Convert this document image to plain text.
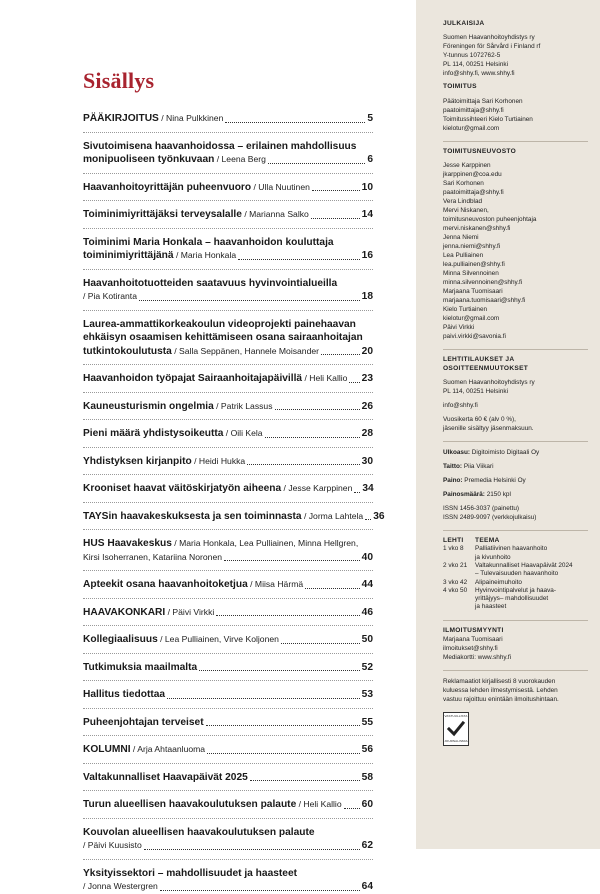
Sisällys
PÄÄKIRJOITUS / Nina Pulkkinen	5
Sivutoimisena haavanhoidossa – erilainen mahdollisuus
monipuoliseen työnkuvaan / Leena Berg	6
Haavanhoitoyrittäjän puheenvuoro / Ulla Nuutinen	10
Toiminimiyrittäjäksi terveysalalle / Marianna Salko	14
Toiminimi Maria Honkala – haavanhoidon kouluttaja
toiminimiyrittäjänä / Maria Honkala	16
Haavanhoitotuotteiden saatavuus hyvinvointialueilla
/ Pia Kotiranta	18
Laurea-ammattikorkeakoulun videoprojekti painehaavan
ehkäisyn osaamisen kehittämiseen osana sairaanhoitajan
tutkintokoulutusta / Salla Seppänen, Hannele Moisander	20
Haavanhoidon työpajat Sairaanhoitajapäivillä / Heli Kallio 23
Kauneusturismin ongelmia / Patrik Lassus	26
Pieni määrä yhdistysoikeutta / Oili Kela	28
Yhdistyksen kirjanpito / Heidi Hukka	30
Krooniset haavat väitöskirjatyön aiheena / Jesse Karppinen 34
TAYSin haavakeskuksesta ja sen toiminnasta / Jorma Lahtela 36
HUS Haavakeskus / Maria Honkala, Lea Pulliainen, Minna Hellgren,
Kirsi Isoherranen, Katariina Noronen	40
Apteekit osana haavanhoitoketjua / Miisa Härmä	44
HAAVAKONKARI / Päivi Virkki	46
Kollegiaalisuus / Lea Pulliainen, Virve Koljonen	50
Tutkimuksia maailmalta	52
Hallitus tiedottaa	53
Puheenjohtajan terveiset	55
KOLUMNI / Arja Ahtaanluoma	56
Valtakunnalliset Haavapäivät 2025	58
Turun alueellisen haavakoulutuksen palaute / Heli Kallio 60
Kouvolan alueellisen haavakoulutuksen palaute
/ Päivi Kuusisto	62
Yksityissektori – mahdollisuudet ja haasteet
/ Jonna Westergren	64
JULKAISIJA
Suomen Haavanhoitoyhdistys ry
Föreningen för Sårvård i Finland rf
Y-tunnus 1072762-5
PL 114, 00251 Helsinki
info@shhy.fi, www.shhy.fi
TOIMITUS
Päätoimittaja Sari Korhonen
paatoimittaja@shhy.fi
Toimitussihteeri Kielo Turtiainen
kielotur@gmail.com
TOIMITUSNEUVOSTO
Jesse Karppinen
jkarppinen@coa.edu
Sari Korhonen
paatoimittaja@shhy.fi
Vera Lindblad
Mervi Niskanen,
toimitusneuvoston puheenjohtaja
mervi.niskanen@shhy.fi
Jenna Niemi
jenna.niemi@shhy.fi
Lea Pulliainen
lea.pulliainen@shhy.fi
Minna Silvennoinen
minna.silvennoinen@shhy.fi
Marjaana Tuomisaari
marjaana.tuomisaari@shhy.fi
Kielo Turtiainen
kielotur@gmail.com
Päivi Virkki
paivi.virkki@savonia.fi
LEHTITILAUKSET JA
OSOITTEENMUUTOKSET
Suomen Haavanhoitoyhdistys ry
PL 114, 00251 Helsinki
info@shhy.fi
Vuosikerta 60 € (alv 0 %),
jäsenille sisältyy jäsenmaksuun.
Ulkoasu: Digitoimisto Digitaali Oy
Taitto: Piia Viikari
Paino: Premedia Helsinki Oy
Painosmäärä: 2150 kpl
ISSN 1456-3037 (painettu)
ISSN 2489-9097 (verkkojulkaisu)
LEHTI	TEEMA
1 vko 8	Palliatiivinen haavanhoito
ja kivunhoito
2 vko 21	Valtakunnalliset Haavapäivät 2024
– Tulevaisuuden haavanhoito
3 vko 42	Alipaineimuhoito
4 vko 50	Hyvinvointipalvelut ja haava-
yrittäjyys– mahdollisuudet
ja haasteet
ILMOITUSMYYNTI
Marjaana Tuomisaari
ilmoitukset@shhy.fi
Mediakortti: www.shhy.fi
Reklamaatiot kirjallisesti 8 vuorokauden
kuluessa lehden ilmestymisestä. Lehden
vastuu rajoittuu enintään ilmoitushintaan.
VASTUULLISTA
JOURNALISMIA
